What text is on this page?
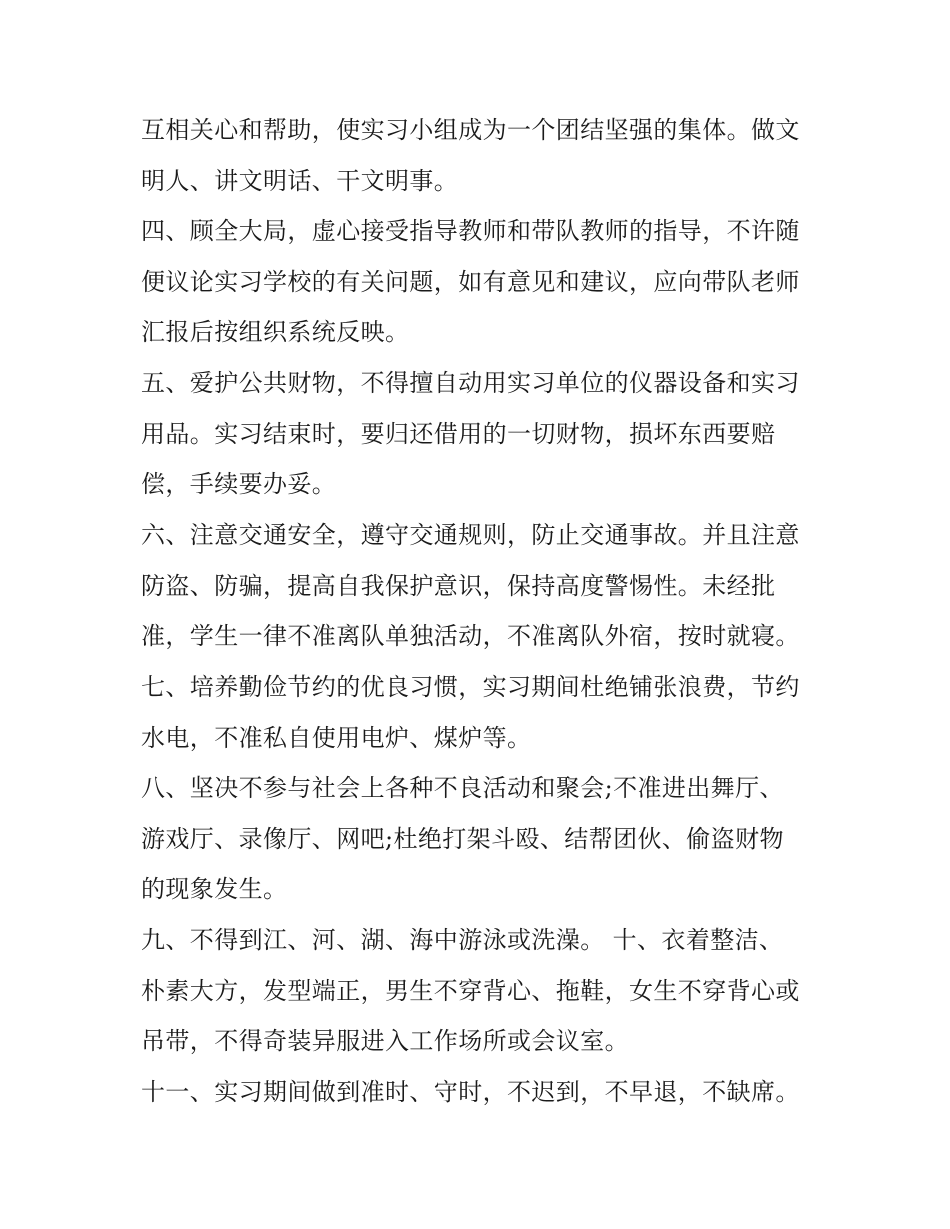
互相关心和帮助，使实习小组成为一个团结坚强的集体。做文
明人、讲文明话、干文明事。
四、顾全大局，虚心接受指导教师和带队教师的指导，不许随
便议论实习学校的有关问题，如有意见和建议，应向带队老师
汇报后按组织系统反映。
五、爱护公共财物，不得擅自动用实习单位的仪器设备和实习
用品。实习结束时，要归还借用的一切财物，损坏东西要赔
偿，手续要办妥。
六、注意交通安全，遵守交通规则，防止交通事故。并且注意
防盗、防骗，提高自我保护意识，保持高度警惕性。未经批
准，学生一律不准离队单独活动，不准离队外宿，按时就寝。
七、培养勤俭节约的优良习惯，实习期间杜绝铺张浪费，节约
水电，不准私自使用电炉、煤炉等。
八、坚决不参与社会上各种不良活动和聚会;不准进出舞厅、
游戏厅、录像厅、网吧;杜绝打架斗殴、结帮团伙、偷盗财物
的现象发生。
九、不得到江、河、湖、海中游泳或洗澡。 十、衣着整洁、
朴素大方，发型端正，男生不穿背心、拖鞋，女生不穿背心或
吊带，不得奇装异服进入工作场所或会议室。
十一、实习期间做到准时、守时，不迟到，不早退，不缺席。
